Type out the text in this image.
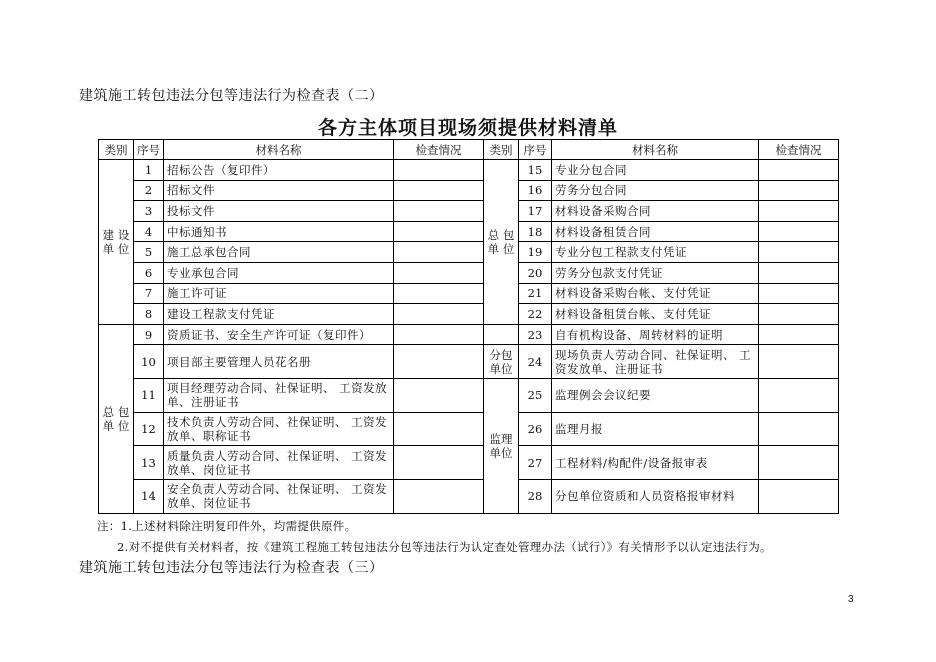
建筑施工转包违法分包等违法行为检查表（二）
各方主体项目现场须提供材料清单
类别	序号	材料名称	检查情况	类别	序号	材料名称	检查情况
建 设 单 位	1	招标公告（复印件）		总 包 单 位	15	专业分包合同	
	2	招标文件			16	劳务分包合同	
	3	投标文件			17	材料设备采购合同	
	4	中标通知书			18	材料设备租赁合同	
	5	施工总承包合同			19	专业分包工程款支付凭证	
	6	专业承包合同			20	劳务分包款支付凭证	
	7	施工许可证			21	材料设备采购台帐、支付凭证	
	8	建设工程款支付凭证			22	材料设备租赁台帐、支付凭证	
总 包 单 位	9	资质证书、安全生产许可证（复印件）			23	自有机构设备、周转材料的证明	
	10	项目部主要管理人员花名册		分包 单位	24	现场负责人劳动合同、社保证明、 工资发放单、注册证书	
	11	项目经理劳动合同、社保证明、 工资发放单、注册证书		监理 单位	25	监理例会会议纪要	
	12	技术负责人劳动合同、社保证明、 工资发放单、职称证书			26	监理月报	
	13	质量负责人劳动合同、社保证明、 工资发放单、岗位证书			27	工程材料/构配件/设备报审表	
	14	安全负责人劳动合同、社保证明、 工资发放单、岗位证书			28	分包单位资质和人员资格报审材料	
注：1.上述材料除注明复印件外，均需提供原件。
2.对不提供有关材料者，按《建筑工程施工转包违法分包等违法行为认定查处管理办法（试行）》有关情形予以认定违法行为。
建筑施工转包违法分包等违法行为检查表（三）
3
